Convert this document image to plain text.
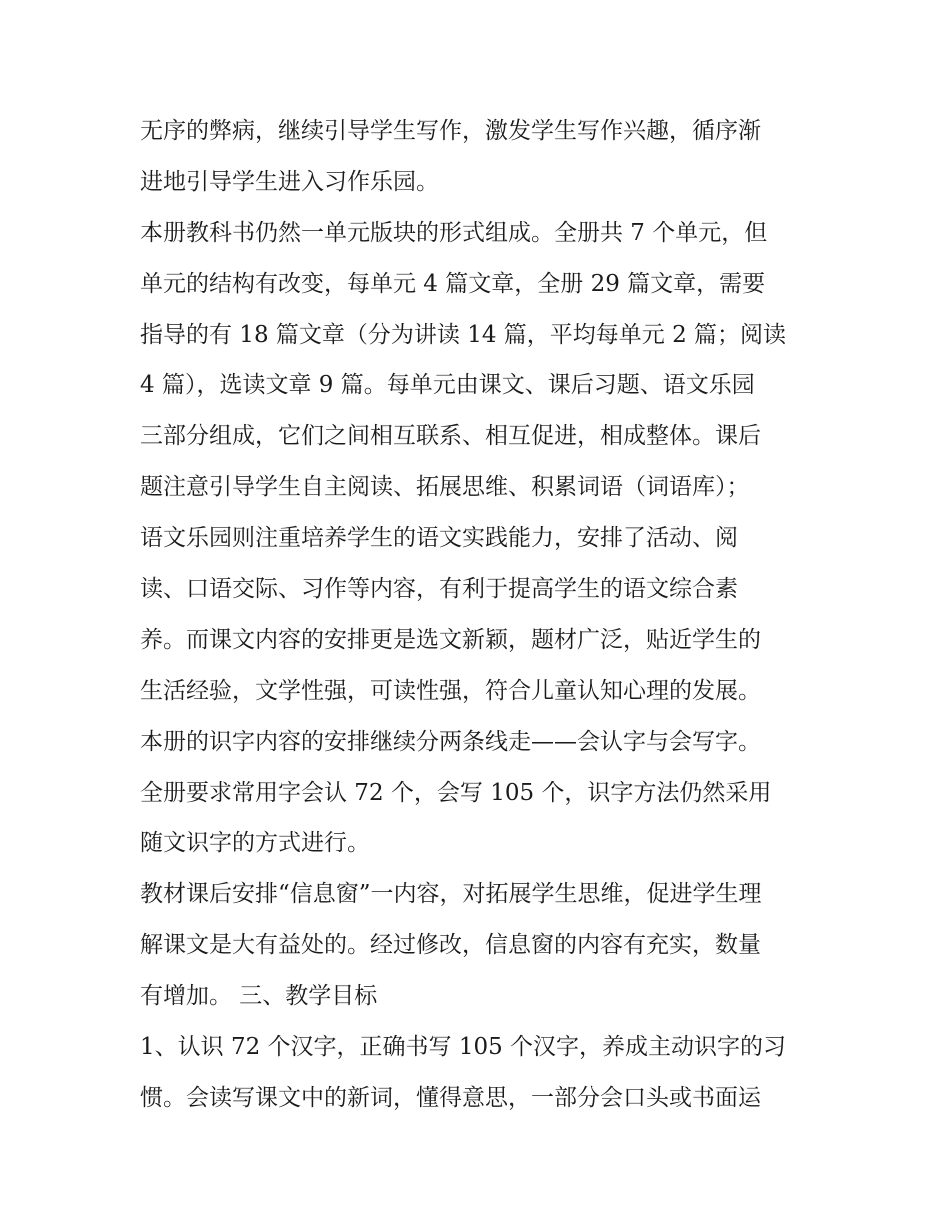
无序的弊病，继续引导学生写作，激发学生写作兴趣，循序渐
进地引导学生进入习作乐园。
本册教科书仍然一单元版块的形式组成。全册共 7 个单元，但
单元的结构有改变，每单元 4 篇文章，全册 29 篇文章，需要
指导的有 18 篇文章（分为讲读 14 篇，平均每单元 2 篇；阅读
4 篇），选读文章 9 篇。每单元由课文、课后习题、语文乐园
三部分组成，它们之间相互联系、相互促进，相成整体。课后
题注意引导学生自主阅读、拓展思维、积累词语（词语库）；
语文乐园则注重培养学生的语文实践能力，安排了活动、阅
读、口语交际、习作等内容，有利于提高学生的语文综合素
养。而课文内容的安排更是选文新颖，题材广泛，贴近学生的
生活经验，文学性强，可读性强，符合儿童认知心理的发展。
本册的识字内容的安排继续分两条线走——会认字与会写字。
全册要求常用字会认 72 个，会写 105 个，识字方法仍然采用
随文识字的方式进行。
教材课后安排“信息窗”一内容，对拓展学生思维，促进学生理
解课文是大有益处的。经过修改，信息窗的内容有充实，数量
有增加。 三、教学目标
1、认识 72 个汉字，正确书写 105 个汉字，养成主动识字的习
惯。会读写课文中的新词，懂得意思，一部分会口头或书面运
